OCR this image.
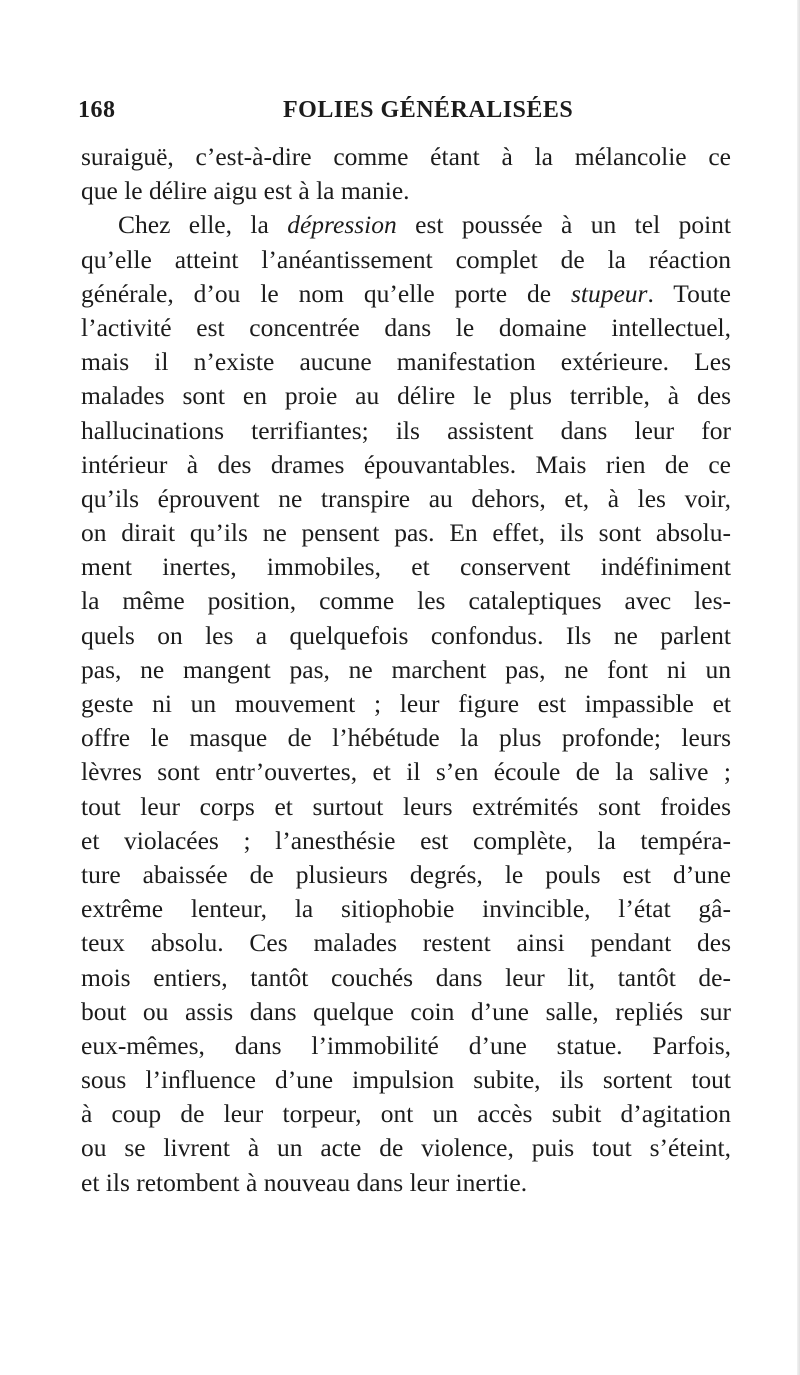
168	FOLIES GÉNÉRALISÉES
suraiguë, c’est-à-dire comme étant à la mélancolie ce
que le délire aigu est à la manie.
Chez elle, la dépression est poussée à un tel point
qu’elle atteint l’anéantissement complet de la réaction
générale, d’ou le nom qu’elle porte de stupeur. Toute
l’activité est concentrée dans le domaine intellectuel,
mais il n’existe aucune manifestation extérieure. Les
malades sont en proie au délire le plus terrible, à des
hallucinations terrifiantes; ils assistent dans leur for
intérieur à des drames épouvantables. Mais rien de ce
qu’ils éprouvent ne transpire au dehors, et, à les voir,
on dirait qu’ils ne pensent pas. En effet, ils sont absolu-
ment inertes, immobiles, et conservent indéfiniment
la même position, comme les cataleptiques avec les-
quels on les a quelquefois confondus. Ils ne parlent
pas, ne mangent pas, ne marchent pas, ne font ni un
geste ni un mouvement ; leur figure est impassible et
offre le masque de l’hébétude la plus profonde; leurs
lèvres sont entr’ouvertes, et il s’en écoule de la salive ;
tout leur corps et surtout leurs extrémités sont froides
et violacées ; l’anesthésie est complète, la tempéra-
ture abaissée de plusieurs degrés, le pouls est d’une
extrême lenteur, la sitiophobie invincible, l’état gâ-
teux absolu. Ces malades restent ainsi pendant des
mois entiers, tantôt couchés dans leur lit, tantôt de-
bout ou assis dans quelque coin d’une salle, repliés sur
eux-mêmes, dans l’immobilité d’une statue. Parfois,
sous l’influence d’une impulsion subite, ils sortent tout
à coup de leur torpeur, ont un accès subit d’agitation
ou se livrent à un acte de violence, puis tout s’éteint,
et ils retombent à nouveau dans leur inertie.
